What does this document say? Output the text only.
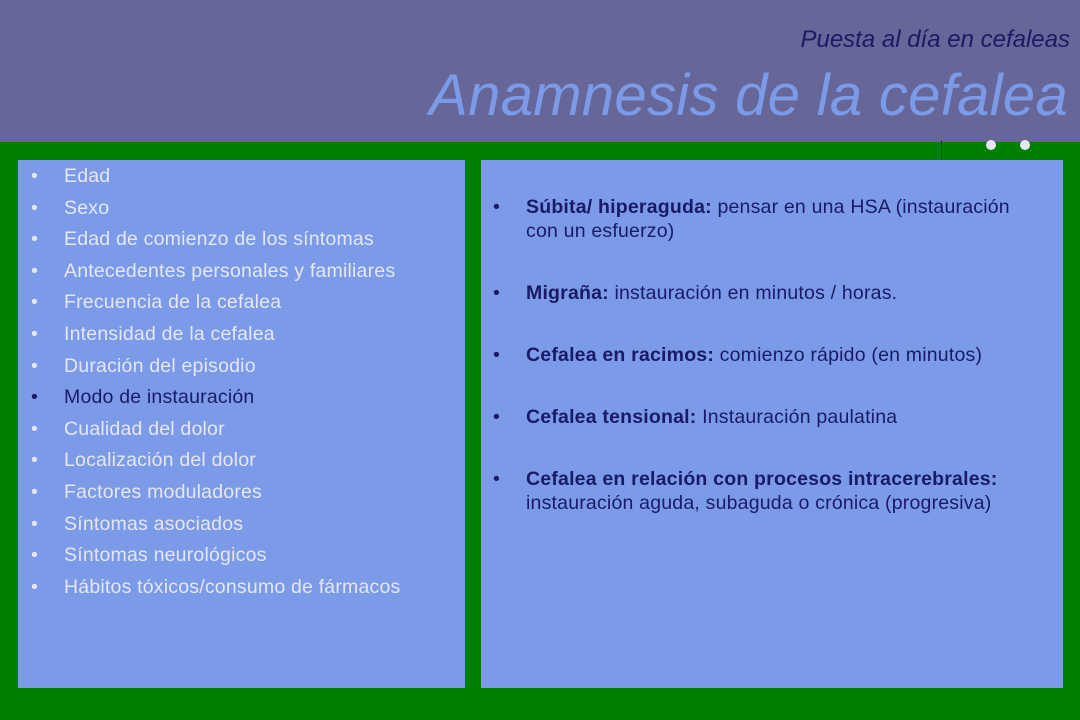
Puesta al día en cefaleas
Anamnesis de la cefalea
• Edad
• Sexo
• Edad de comienzo de los síntomas
• Antecedentes personales y familiares
• Frecuencia de la cefalea
• Intensidad de la cefalea
• Duración del episodio
• Modo de instauración
• Cualidad del dolor
• Localización del dolor
• Factores moduladores
• Síntomas asociados
• Síntomas neurológicos
• Hábitos tóxicos/consumo de fármacos
• Súbita/ hiperaguda: pensar en una HSA (instauración con un esfuerzo)
• Migraña: instauración en minutos / horas.
• Cefalea en racimos: comienzo rápido (en minutos)
• Cefalea tensional: Instauración paulatina
• Cefalea en relación con procesos intracerebrales: instauración aguda, subaguda o crónica (progresiva)
